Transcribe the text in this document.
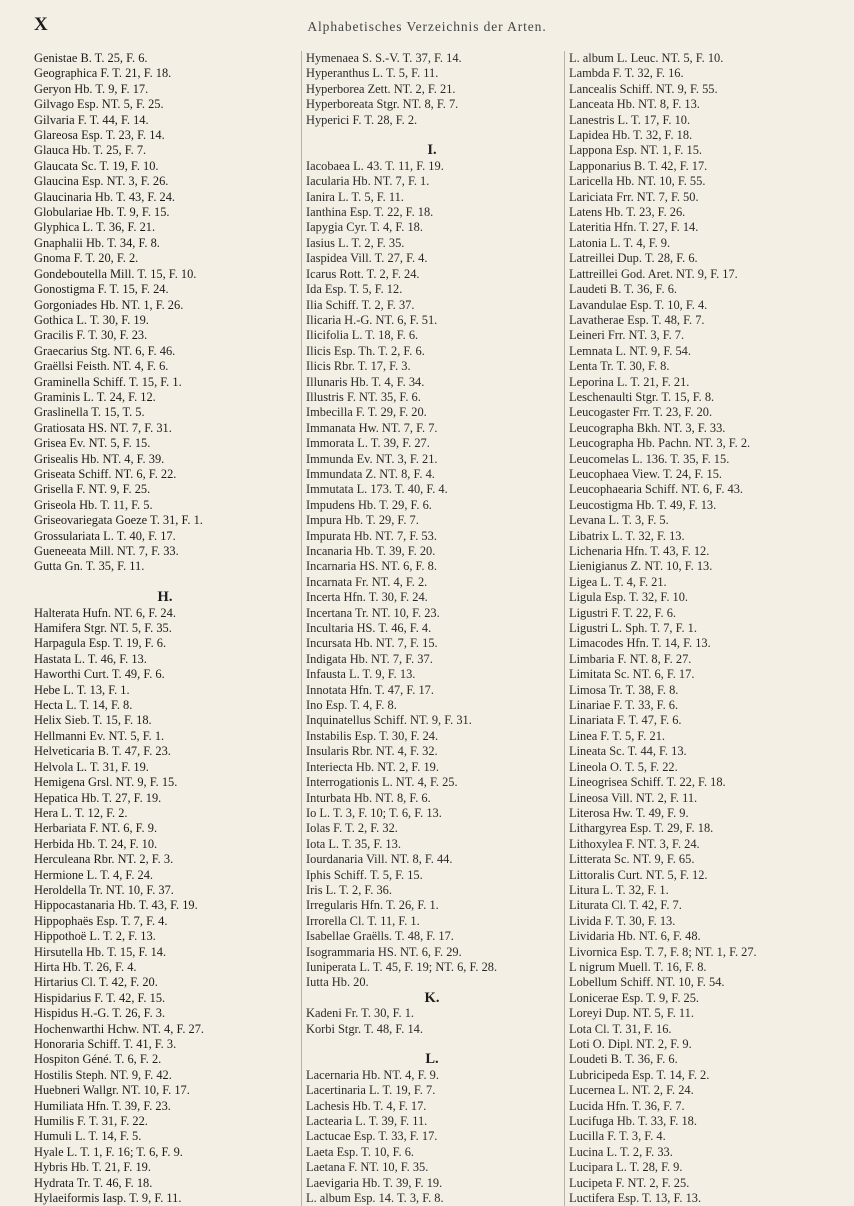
X	Alphabetisches Verzeichnis der Arten.
Genistae B. T. 25, F. 6.
Geographica F. T. 21, F. 18.
Geryon Hb. T. 9, F. 17.
Gilvago Esp. NT. 5, F. 25.
Gilvaria F. T. 44, F. 14.
Glareosa Esp. T. 23, F. 14.
Glauca Hb. T. 25, F. 7.
Glaucata Sc. T. 19, F. 10.
Glaucina Esp. NT. 3, F. 26.
Glaucinaria Hb. T. 43, F. 24.
Globulariae Hb. T. 9, F. 15.
Glyphica L. T. 36, F. 21.
Gnaphalii Hb. T. 34, F. 8.
Gnoma F. T. 20, F. 2.
Gondeboutella Mill. T. 15, F. 10.
Gonostigma F. T. 15, F. 24.
Gorgoniades Hb. NT. 1, F. 26.
Gothica L. T. 30, F. 19.
Gracilis F. T. 30, F. 23.
Graecarius Stg. NT. 6, F. 46.
Graëllsi Feisth. NT. 4, F. 6.
Graminella Schiff. T. 15, F. 1.
Graminis L. T. 24, F. 12.
Graslinella T. 15, T. 5.
Gratiosata HS. NT. 7, F. 31.
Grisea Ev. NT. 5, F. 15.
Grisealis Hb. NT. 4, F. 39.
Griseata Schiff. NT. 6, F. 22.
Grisella F. NT. 9, F. 25.
Griseola Hb. T. 11, F. 5.
Griseovariegata Goeze T. 31, F. 1.
Grossulariata L. T. 40, F. 17.
Gueneeata Mill. NT. 7, F. 33.
Gutta Gn. T. 35, F. 11.
H.
Halterata Hufn. NT. 6, F. 24.
Hamifera Stgr. NT. 5, F. 35.
Harpagula Esp. T. 19, F. 6.
Hastata L. T. 46, F. 13.
Haworthi Curt. T. 49, F. 6.
Hebe L. T. 13, F. 1.
Hecta L. T. 14, F. 8.
Helix Sieb. T. 15, F. 18.
Hellmanni Ev. NT. 5, F. 1.
Helveticaria B. T. 47, F. 23.
Helvola L. T. 31, F. 19.
Hemigena Grsl. NT. 9, F. 15.
Hepatica Hb. T. 27, F. 19.
Hera L. T. 12, F. 2.
Herbariata F. NT. 6, F. 9.
Herbida Hb. T. 24, F. 10.
Herculeana Rbr. NT. 2, F. 3.
Hermione L. T. 4, F. 24.
Heroldella Tr. NT. 10, F. 37.
Hippocastanaria Hb. T. 43, F. 19.
Hippophaës Esp. T. 7, F. 4.
Hippothoë L. T. 2, F. 13.
Hirsutella Hb. T. 15, F. 14.
Hirta Hb. T. 26, F. 4.
Hirtarius Cl. T. 42, F. 20.
Hispidarius F. T. 42, F. 15.
Hispidus H.-G. T. 26, F. 3.
Hochenwarthi Hchw. NT. 4, F. 27.
Honoraria Schiff. T. 41, F. 3.
Hospiton Géné. T. 6, F. 2.
Hostilis Steph. NT. 9, F. 42.
Huebneri Wallgr. NT. 10, F. 17.
Humiliata Hfn. T. 39, F. 23.
Humilis F. T. 31, F. 22.
Humuli L. T. 14, F. 5.
Hyale L. T. 1, F. 16; T. 6, F. 9.
Hybris Hb. T. 21, F. 19.
Hydrata Tr. T. 46, F. 18.
Hylaeiformis Iasp. T. 9, F. 11.
Hymenaea S. S.-V. T. 37, F. 14.
Hyperanthus L. T. 5, F. 11.
Hyperborea Zett. NT. 2, F. 21.
Hyperboreata Stgr. NT. 8, F. 7.
Hyperici F. T. 28, F. 2.
I.
Iacobaea L. 43. T. 11, F. 19.
Iacularia Hb. NT. 7, F. 1.
Ianira L. T. 5, F. 11.
Ianthina Esp. T. 22, F. 18.
Iapygia Cyr. T. 4, F. 18.
Iasius L. T. 2, F. 35.
Iaspidea Vill. T. 27, F. 4.
Icarus Rott. T. 2, F. 24.
Ida Esp. T. 5, F. 12.
Ilia Schiff. T. 2, F. 37.
Ilicaria H.-G. NT. 6, F. 51.
Ilicifolia L. T. 18, F. 6.
Ilicis Esp. Th. T. 2, F. 6.
Ilicis Rbr. T. 17, F. 3.
Illunaris Hb. T. 4, F. 34.
Illustris F. NT. 35, F. 6.
Imbecilla F. T. 29, F. 20.
Immanata Hw. NT. 7, F. 7.
Immorata L. T. 39, F. 27.
Immunda Ev. NT. 3, F. 21.
Immundata Z. NT. 8, F. 4.
Immutata L. 173. T. 40, F. 4.
Impudens Hb. T. 29, F. 6.
Impura Hb. T. 29, F. 7.
Impurata Hb. NT. 7, F. 53.
Incanaria Hb. T. 39, F. 20.
Incarnaria HS. NT. 6, F. 8.
Incarnata Fr. NT. 4, F. 2.
Incerta Hfn. T. 30, F. 24.
Incertana Tr. NT. 10, F. 23.
Incultaria HS. T. 46, F. 4.
Incursata Hb. NT. 7, F. 15.
Indigata Hb. NT. 7, F. 37.
Infausta L. T. 9, F. 13.
Innotata Hfn. T. 47, F. 17.
Ino Esp. T. 4, F. 8.
Inquinatellus Schiff. NT. 9, F. 31.
Instabilis Esp. T. 30, F. 24.
Insularis Rbr. NT. 4, F. 32.
Interiecta Hb. NT. 2, F. 19.
Interrogationis L. NT. 4, F. 25.
Inturbata Hb. NT. 8, F. 6.
Io L. T. 3, F. 10; T. 6, F. 13.
Iolas F. T. 2, F. 32.
Iota L. T. 35, F. 13.
Iourdanaria Vill. NT. 8, F. 44.
Iphis Schiff. T. 5, F. 15.
Iris L. T. 2, F. 36.
Irregularis Hfn. T. 26, F. 1.
Irrorella Cl. T. 11, F. 1.
Isabellae Graëlls. T. 48, F. 17.
Isogrammaria HS. NT. 6, F. 29.
Iuniperata L. T. 45, F. 19; NT. 6, F. 28.
Iutta Hb. 20.
K.
Kadeni Fr. T. 30, F. 1.
Korbi Stgr. T. 48, F. 14.
L.
Lacernaria Hb. NT. 4, F. 9.
Lacertinaria L. T. 19, F. 7.
Lachesis Hb. T. 4, F. 17.
Lactearia L. T. 39, F. 11.
Lactucae Esp. T. 33, F. 17.
Laeta Esp. T. 10, F. 6.
Laetana F. NT. 10, F. 35.
Laevigaria Hb. T. 39, F. 19.
L. album Esp. 14. T. 3, F. 8.
L. album L. Leuc. NT. 5, F. 10.
Lambda F. T. 32, F. 16.
Lancealis Schiff. NT. 9, F. 55.
Lanceata Hb. NT. 8, F. 13.
Lanestris L. T. 17, F. 10.
Lapidea Hb. T. 32, F. 18.
Lappona Esp. NT. 1, F. 15.
Lapponarius B. T. 42, F. 17.
Laricella Hb. NT. 10, F. 55.
Lariciata Frr. NT. 7, F. 50.
Latens Hb. T. 23, F. 26.
Lateritia Hfn. T. 27, F. 14.
Latonia L. T. 4, F. 9.
Latreillei Dup. T. 28, F. 6.
Lattreillei God. Aret. NT. 9, F. 17.
Laudeti B. T. 36, F. 6.
Lavandulae Esp. T. 10, F. 4.
Lavatherae Esp. T. 48, F. 7.
Leineri Frr. NT. 3, F. 7.
Lemnata L. NT. 9, F. 54.
Lenta Tr. T. 30, F. 8.
Leporina L. T. 21, F. 21.
Leschenaulti Stgr. T. 15, F. 8.
Leucogaster Frr. T. 23, F. 20.
Leucographa Bkh. NT. 3, F. 33.
Leucographa Hb. Pachn. NT. 3, F. 2.
Leucomelas L. 136. T. 35, F. 15.
Leucophaea View. T. 24, F. 15.
Leucophaearia Schiff. NT. 6, F. 43.
Leucostigma Hb. T. 49, F. 13.
Levana L. T. 3, F. 5.
Libatrix L. T. 32, F. 13.
Lichenaria Hfn. T. 43, F. 12.
Lienigianus Z. NT. 10, F. 13.
Ligea L. T. 4, F. 21.
Ligula Esp. T. 32, F. 10.
Ligustri F. T. 22, F. 6.
Ligustri L. Sph. T. 7, F. 1.
Limacodes Hfn. T. 14, F. 13.
Limbaria F. NT. 8, F. 27.
Limitata Sc. NT. 6, F. 17.
Limosa Tr. T. 38, F. 8.
Linariae F. T. 33, F. 6.
Linariata F. T. 47, F. 6.
Linea F. T. 5, F. 21.
Lineata Sc. T. 44, F. 13.
Lineola O. T. 5, F. 22.
Lineogrisea Schiff. T. 22, F. 18.
Lineosa Vill. NT. 2, F. 11.
Literosa Hw. T. 49, F. 9.
Lithargyrea Esp. T. 29, F. 18.
Lithoxylea F. NT. 3, F. 24.
Litterata Sc. NT. 9, F. 65.
Littoralis Curt. NT. 5, F. 12.
Litura L. T. 32, F. 1.
Liturata Cl. T. 42, F. 7.
Livida F. T. 30, F. 13.
Lividaria Hb. NT. 6, F. 48.
Livornica Esp. T. 7, F. 8; NT. 1, F. 27.
L nigrum Muell. T. 16, F. 8.
Lobellum Schiff. NT. 10, F. 54.
Lonicerae Esp. T. 9, F. 25.
Loreyi Dup. NT. 5, F. 11.
Lota Cl. T. 31, F. 16.
Loti O. Dipl. NT. 2, F. 9.
Loudeti B. T. 36, F. 6.
Lubricipeda Esp. T. 14, F. 2.
Lucernea L. NT. 2, F. 24.
Lucida Hfn. T. 36, F. 7.
Lucifuga Hb. T. 33, F. 18.
Lucilla F. T. 3, F. 4.
Lucina L. T. 2, F. 33.
Lucipara L. T. 28, F. 9.
Lucipeta F. NT. 2, F. 25.
Luctifera Esp. T. 13, F. 13.
